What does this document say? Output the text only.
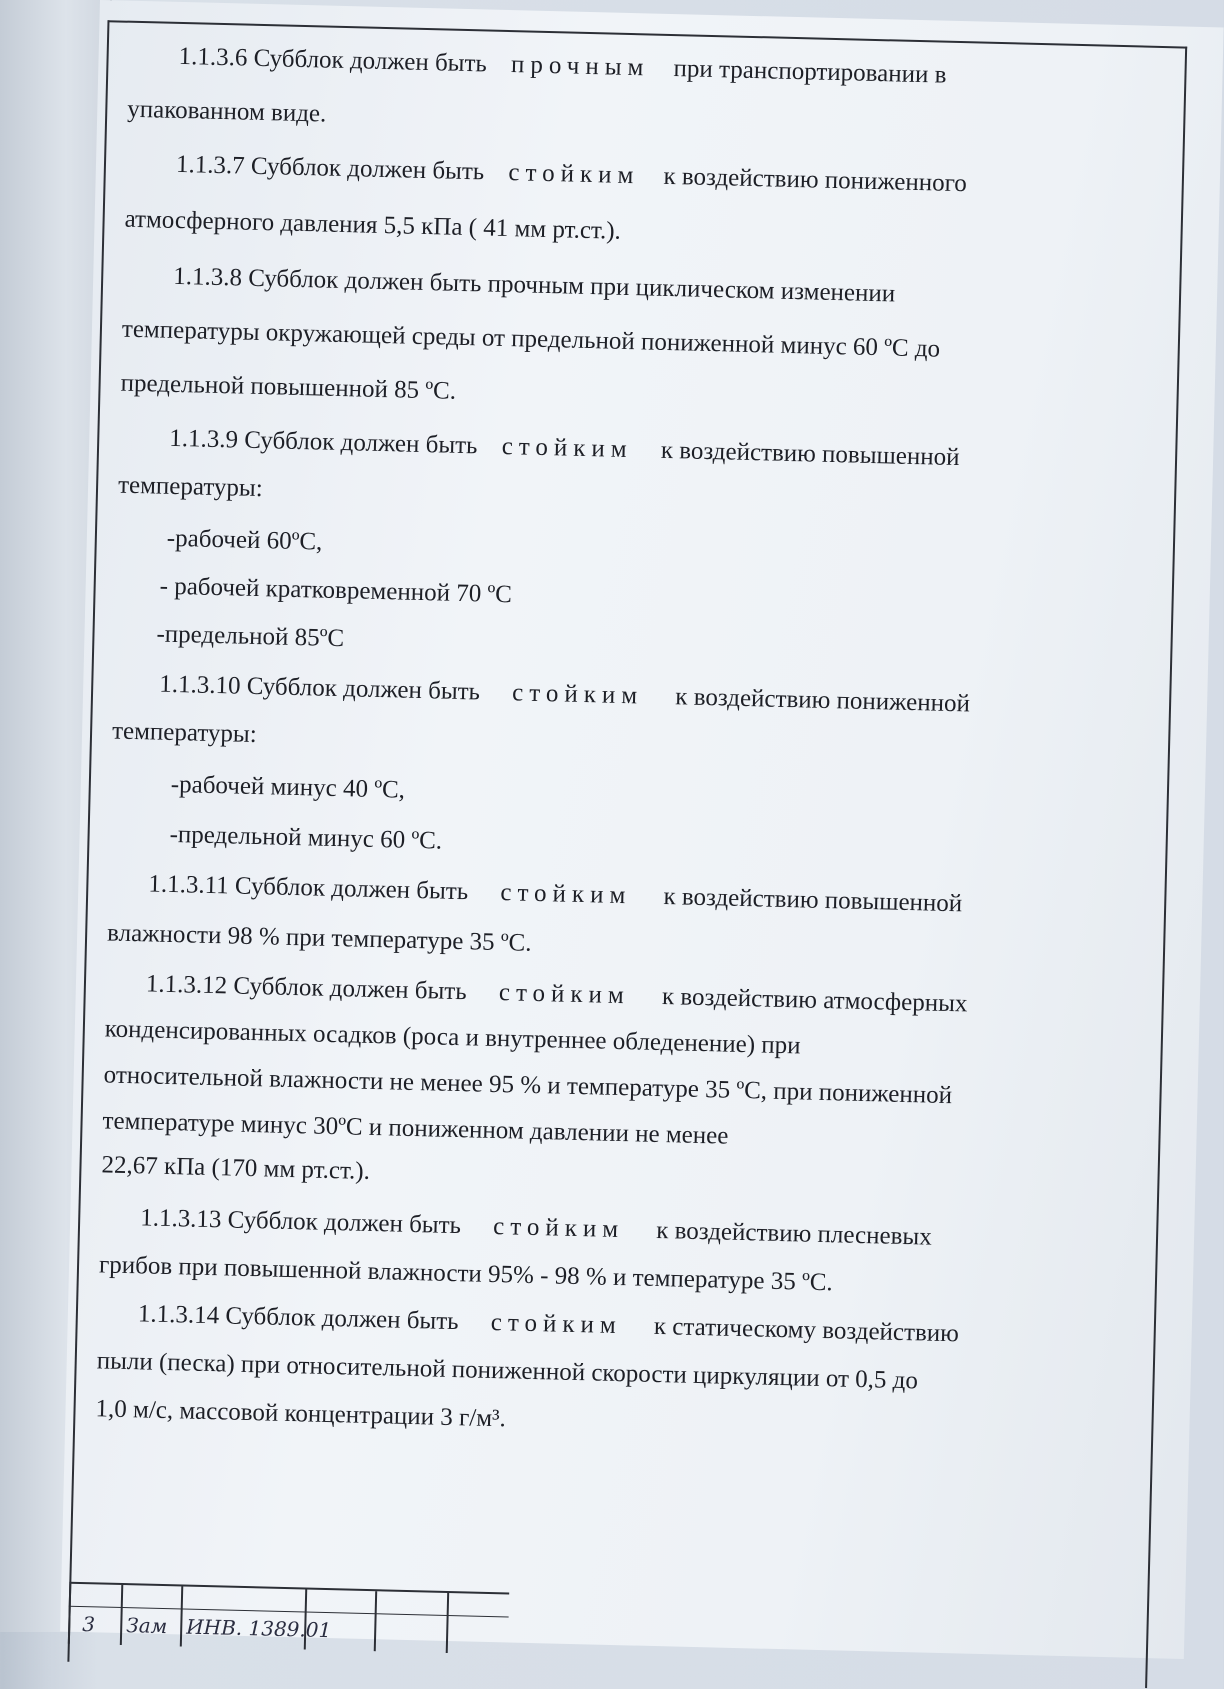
1.1.3.6 Субблок должен быть прочным при транспортировании в
упакованном виде.
1.1.3.7 Субблок должен быть стойким к воздействию пониженного
атмосферного давления 5,5 кПа ( 41 мм рт.ст.).
1.1.3.8 Субблок должен быть прочным при циклическом изменении
температуры окружающей среды от предельной пониженной минус 60 ºС до
предельной повышенной 85 ºС.
1.1.3.9 Субблок должен быть стойким к воздействию повышенной
температуры:
-рабочей 60ºС,
- рабочей кратковременной 70 ºС
-предельной 85ºС
1.1.3.10 Субблок должен быть стойким к воздействию пониженной
температуры:
-рабочей минус 40 ºС,
-предельной минус 60 ºС.
1.1.3.11 Субблок должен быть стойким к воздействию повышенной
влажности 98 % при температуре 35 ºС.
1.1.3.12 Субблок должен быть стойким к воздействию атмосферных
конденсированных осадков (роса и внутреннее обледенение) при
относительной влажности не менее 95 % и температуре 35 ºС, при пониженной
температуре минус 30ºС и пониженном давлении не менее
22,67 кПа (170 мм рт.ст.).
1.1.3.13 Субблок должен быть стойким к воздействию плесневых
грибов при повышенной влажности 95% - 98 % и температуре 35 ºС.
1.1.3.14 Субблок должен быть стойким к статическому воздействию
пыли (песка) при относительной пониженной скорости циркуляции от 0,5 до
1,0 м/с, массовой концентрации 3 г/м³.
3 Зам ИНВ. 1389.01
